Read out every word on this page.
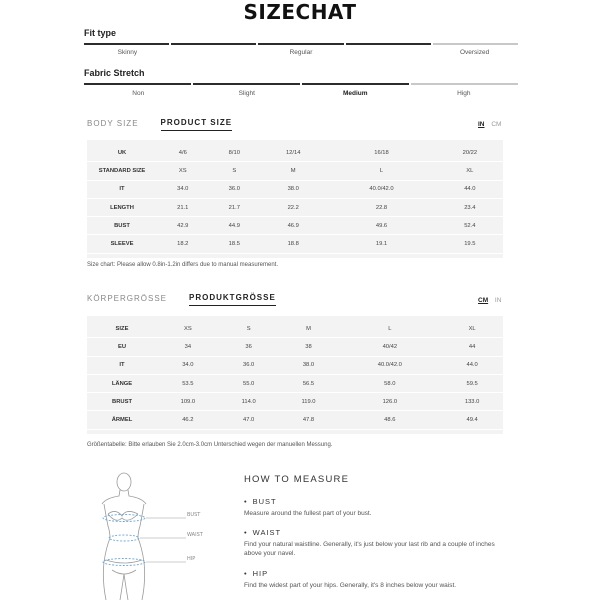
SIZECHAT
Fit type
Skinny	Regular	Oversized
Fabric Stretch
Non	Slight	Medium	High
BODY SIZE	PRODUCT SIZE	IN CM
UK	4/6	8/10	12/14	16/18	20/22
STANDARD SIZE	XS	S	M	L	XL
IT	34.0	36.0	38.0	40.0/42.0	44.0
LENGTH	21.1	21.7	22.2	22.8	23.4
BUST	42.9	44.9	46.9	49.6	52.4
SLEEVE	18.2	18.5	18.8	19.1	19.5
Size chart: Please allow 0.8in-1.2in differs due to manual measurement.
KÖRPERGRÖSSE	PRODUKTGRÖSSE	CM IN
SIZE	XS	S	M	L	XL
EU	34	36	38	40/42	44
IT	34.0	36.0	38.0	40.0/42.0	44.0
LÄNGE	53.5	55.0	56.5	58.0	59.5
BRUST	109.0	114.0	119.0	126.0	133.0
ÄRMEL	46.2	47.0	47.8	48.6	49.4
Größentabelle: Bitte erlauben Sie 2.0cm-3.0cm Unterschied wegen der manuellen Messung.
BUST
WAIST
HIP
HOW TO MEASURE
• BUST
Measure around the fullest part of your bust.
• WAIST
Find your natural waistline. Generally, it's just below your last rib and a couple of inches above your navel.
• HIP
Find the widest part of your hips. Generally, it's 8 inches below your waist.
